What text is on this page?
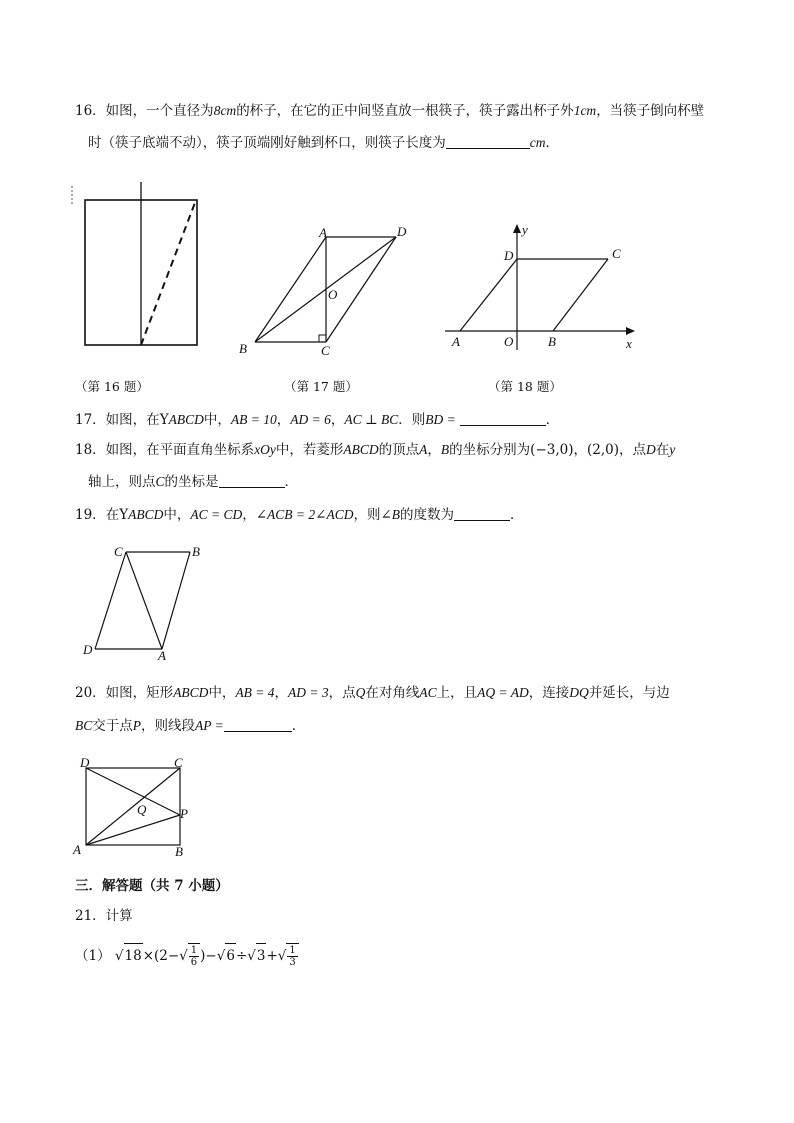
16．如图，一个直径为8cm的杯子，在它的正中间竖直放一根筷子，筷子露出杯子外1cm，当筷子倒向杯壁
时（筷子底端不动），筷子顶端刚好触到杯口，则筷子长度为	cm．
A	D
O
B	C
y
D	C
A	O	B	x
（第 16 题）	（第 17 题）	（第 18 题）
17．如图，在YABCD中，AB = 10，AD = 6，AC ⊥ BC．则BD =	．
18．如图，在平面直角坐标系xOy中，若菱形ABCD的顶点A，B的坐标分别为(−3,0)，(2,0)，点D在y
轴上，则点C的坐标是	．
19．在YABCD中，AC = CD，∠ACB = 2∠ACD，则∠B的度数为	．
C	B
D	A
20．如图，矩形ABCD中，AB = 4，AD = 3，点Q在对角线AC上，且AQ = AD，连接DQ并延长，与边
BC交于点P，则线段AP =	．
D	C
Q	P
A	B
三．解答题（共 7 小题）
21．计算
（1） $√18\times(2-√ \frac{1}{6} )-√6\div√3+√ \frac{1}{3}$
